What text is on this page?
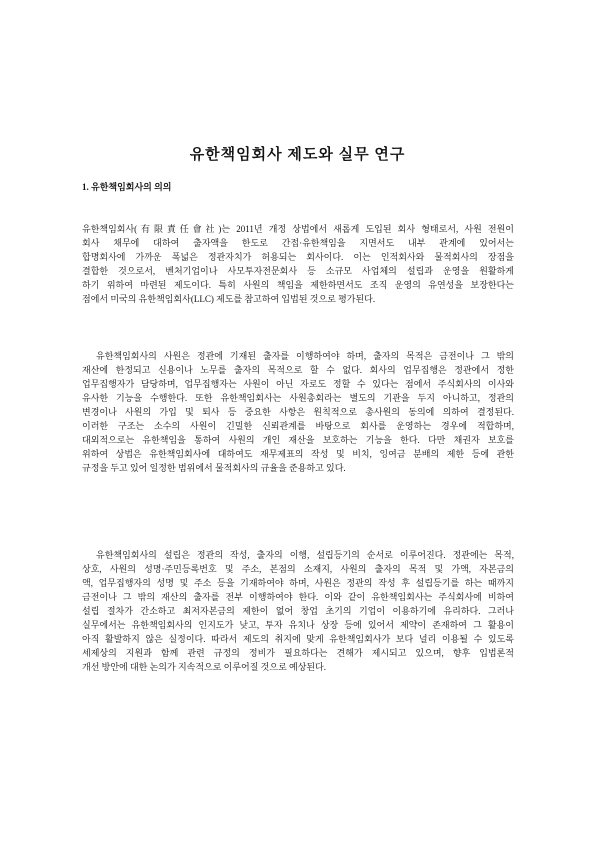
유한책임회사 제도와 실무 연구
1. 유한책임회사의 의의
유한책임회사(有限責任會社)는 2011년 개정 상법에서 새롭게 도입된 회사 형태로서, 사원 전원이
회사 채무에 대하여 출자액을 한도로 간접·유한책임을 지면서도 내부 관계에 있어서는
합명회사에 가까운 폭넓은 정관자치가 허용되는 회사이다. 이는 인적회사와 물적회사의 장점을
결합한 것으로서, 벤처기업이나 사모투자전문회사 등 소규모 사업체의 설립과 운영을 원활하게
하기 위하여 마련된 제도이다. 특히 사원의 책임을 제한하면서도 조직 운영의 유연성을 보장한다는
점에서 미국의 유한책임회사(LLC) 제도를 참고하여 입법된 것으로 평가된다.
유한책임회사의 사원은 정관에 기재된 출자를 이행하여야 하며, 출자의 목적은 금전이나 그 밖의
재산에 한정되고 신용이나 노무를 출자의 목적으로 할 수 없다. 회사의 업무집행은 정관에서 정한
업무집행자가 담당하며, 업무집행자는 사원이 아닌 자로도 정할 수 있다는 점에서 주식회사의 이사와
유사한 기능을 수행한다. 또한 유한책임회사는 사원총회라는 별도의 기관을 두지 아니하고, 정관의
변경이나 사원의 가입 및 퇴사 등 중요한 사항은 원칙적으로 총사원의 동의에 의하여 결정된다.
이러한 구조는 소수의 사원이 긴밀한 신뢰관계를 바탕으로 회사를 운영하는 경우에 적합하며,
대외적으로는 유한책임을 통하여 사원의 개인 재산을 보호하는 기능을 한다. 다만 채권자 보호를
위하여 상법은 유한책임회사에 대하여도 재무제표의 작성 및 비치, 잉여금 분배의 제한 등에 관한
규정을 두고 있어 일정한 범위에서 물적회사의 규율을 준용하고 있다.
유한책임회사의 설립은 정관의 작성, 출자의 이행, 설립등기의 순서로 이루어진다. 정관에는 목적,
상호, 사원의 성명·주민등록번호 및 주소, 본점의 소재지, 사원의 출자의 목적 및 가액, 자본금의
액, 업무집행자의 성명 및 주소 등을 기재하여야 하며, 사원은 정관의 작성 후 설립등기를 하는 때까지
금전이나 그 밖의 재산의 출자를 전부 이행하여야 한다. 이와 같이 유한책임회사는 주식회사에 비하여
설립 절차가 간소하고 최저자본금의 제한이 없어 창업 초기의 기업이 이용하기에 유리하다. 그러나
실무에서는 유한책임회사의 인지도가 낮고, 투자 유치나 상장 등에 있어서 제약이 존재하여 그 활용이
아직 활발하지 않은 실정이다. 따라서 제도의 취지에 맞게 유한책임회사가 보다 널리 이용될 수 있도록
세제상의 지원과 함께 관련 규정의 정비가 필요하다는 견해가 제시되고 있으며, 향후 입법론적
개선 방안에 대한 논의가 지속적으로 이루어질 것으로 예상된다.
